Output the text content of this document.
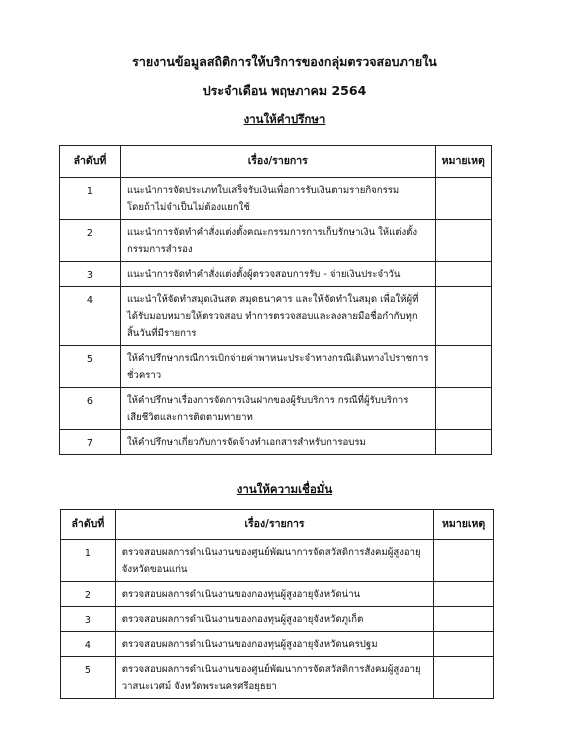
รายงานข้อมูลสถิติการให้บริการของกลุ่มตรวจสอบภายใน
ประจำเดือน พฤษภาคม 2564
งานให้คำปรึกษา
ลำดับที่	เรื่อง/รายการ	หมายเหตุ
1	แนะนำการจัดประเภทใบเสร็จรับเงินเพื่อการรับเงินตามรายกิจกรรม
โดยถ้าไม่จำเป็นไม่ต้องแยกใช้	

2	แนะนำการจัดทำคำสั่งแต่งตั้งคณะกรรมการการเก็บรักษาเงิน ให้แต่งตั้ง
กรรมการสำรอง	

3	แนะนำการจัดทำคำสั่งแต่งตั้งผู้ตรวจสอบการรับ - จ่ายเงินประจำวัน	

4	แนะนำให้จัดทำสมุดเงินสด สมุดธนาคาร และให้จัดทำในสมุด เพื่อให้ผู้ที่
ได้รับมอบหมายให้ตรวจสอบ ทำการตรวจสอบและลงลายมือชื่อกำกับทุก
สิ้นวันที่มีรายการ	

5	ให้คำปรึกษากรณีการเบิกจ่ายค่าพาหนะประจำทางกรณีเดินทางไปราชการ
ชั่วคราว	

6	ให้คำปรึกษาเรื่องการจัดการเงินฝากของผู้รับบริการ กรณีที่ผู้รับบริการ
เสียชีวิตและการติดตามทายาท	

7	ให้คำปรึกษาเกี่ยวกับการจัดจ้างทำเอกสารสำหรับการอบรม	

งานให้ความเชื่อมั่น
ลำดับที่	เรื่อง/รายการ	หมายเหตุ
1	ตรวจสอบผลการดำเนินงานของศูนย์พัฒนาการจัดสวัสดิการสังคมผู้สูงอายุ
จังหวัดขอนแก่น	

2	ตรวจสอบผลการดำเนินงานของกองทุนผู้สูงอายุจังหวัดน่าน	

3	ตรวจสอบผลการดำเนินงานของกองทุนผู้สูงอายุจังหวัดภูเก็ต	

4	ตรวจสอบผลการดำเนินงานของกองทุนผู้สูงอายุจังหวัดนครปฐม	

5	ตรวจสอบผลการดำเนินงานของศูนย์พัฒนาการจัดสวัสดิการสังคมผู้สูงอายุ
วาสนะเวศม์ จังหวัดพระนครศรีอยุธยา	
